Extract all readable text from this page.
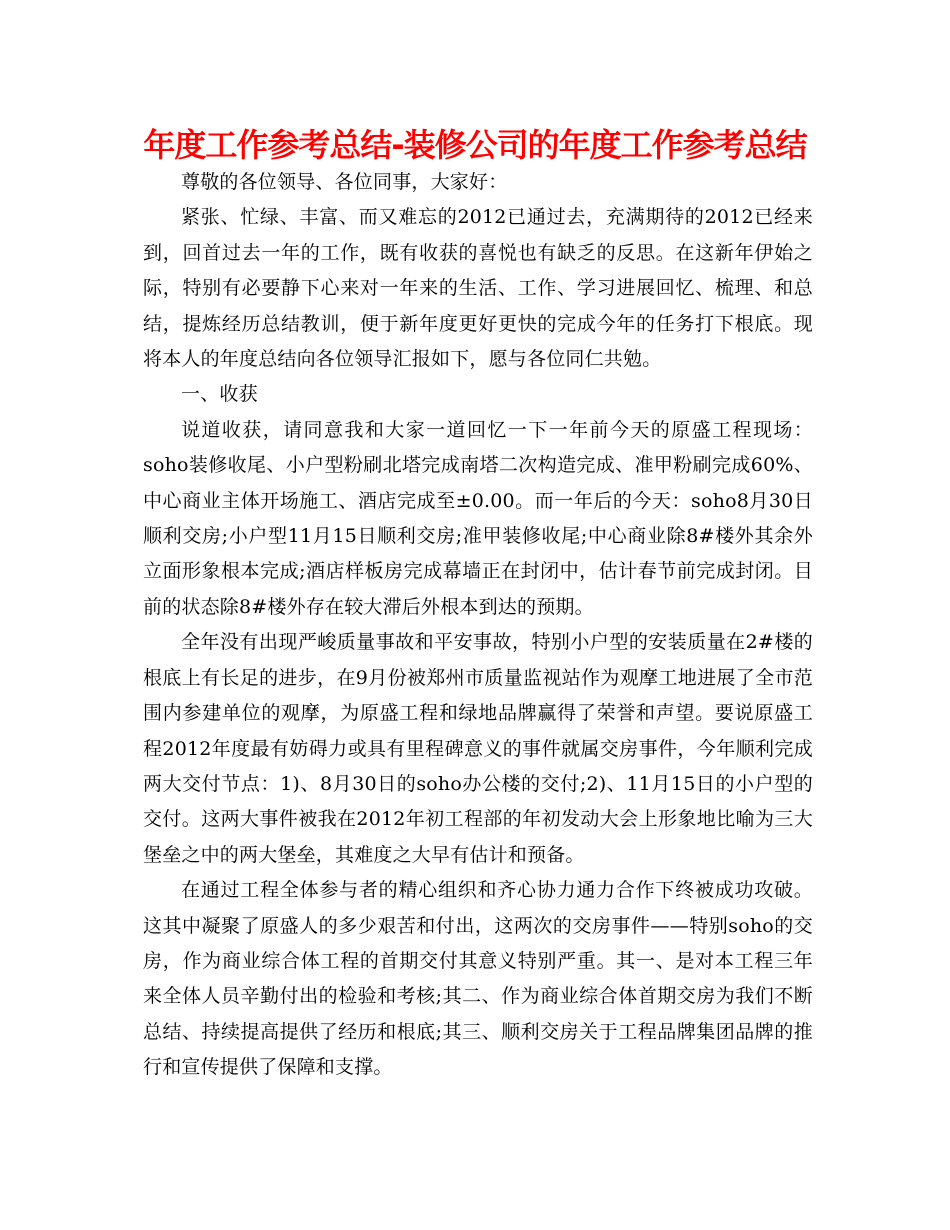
年度工作参考总结-装修公司的年度工作参考总结

尊敬的各位领导、各位同事，大家好：

紧张、忙绿、丰富、而又难忘的2012已通过去，充满期待的2012已经来到，回首过去一年的工作，既有收获的喜悦也有缺乏的反思。在这新年伊始之际，特别有必要静下心来对一年来的生活、工作、学习进展回忆、梳理、和总结，提炼经历总结教训，便于新年度更好更快的完成今年的任务打下根底。现将本人的年度总结向各位领导汇报如下，愿与各位同仁共勉。

一、收获

说道收获，请同意我和大家一道回忆一下一年前今天的原盛工程现场：soho装修收尾、小户型粉刷北塔完成南塔二次构造完成、准甲粉刷完成60%、中心商业主体开场施工、酒店完成至±0.00。而一年后的今天：soho8月30日顺利交房;小户型11月15日顺利交房;准甲装修收尾;中心商业除8#楼外其余外立面形象根本完成;酒店样板房完成幕墙正在封闭中，估计春节前完成封闭。目前的状态除8#楼外存在较大滞后外根本到达的预期。

全年没有出现严峻质量事故和平安事故，特别小户型的安装质量在2#楼的根底上有长足的进步，在9月份被郑州市质量监视站作为观摩工地进展了全市范围内参建单位的观摩，为原盛工程和绿地品牌赢得了荣誉和声望。要说原盛工程2012年度最有妨碍力或具有里程碑意义的事件就属交房事件，今年顺利完成两大交付节点：1)、8月30日的soho办公楼的交付;2)、11月15日的小户型的交付。这两大事件被我在2012年初工程部的年初发动大会上形象地比喻为三大堡垒之中的两大堡垒，其难度之大早有估计和预备。

在通过工程全体参与者的精心组织和齐心协力通力合作下终被成功攻破。这其中凝聚了原盛人的多少艰苦和付出，这两次的交房事件——特别soho的交房，作为商业综合体工程的首期交付其意义特别严重。其一、是对本工程三年来全体人员辛勤付出的检验和考核;其二、作为商业综合体首期交房为我们不断总结、持续提高提供了经历和根底;其三、顺利交房关于工程品牌集团品牌的推行和宣传提供了保障和支撑。
